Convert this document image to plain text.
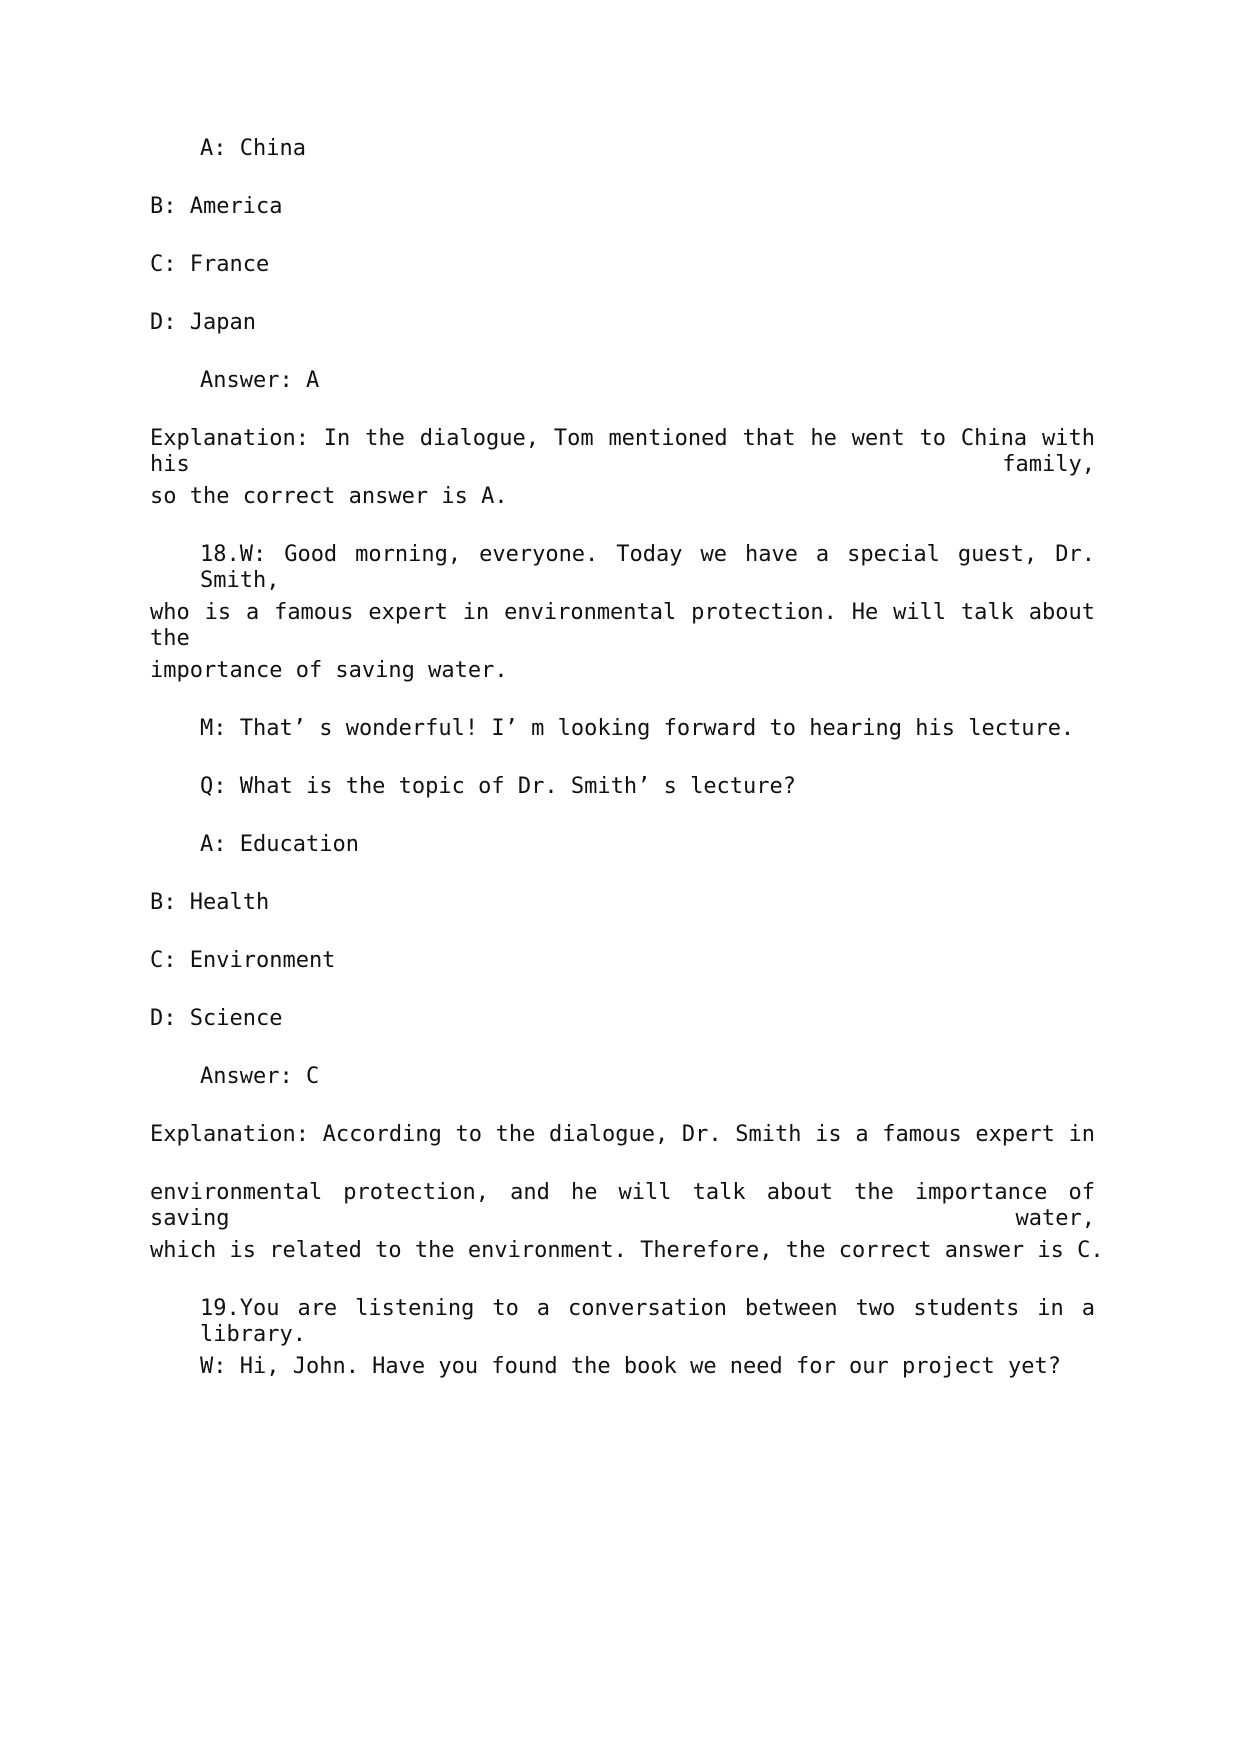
A: China
B: America
C: France
D: Japan
Answer: A
Explanation: In the dialogue, Tom mentioned that he went to China with his family,
so the correct answer is A.
18.W: Good morning, everyone. Today we have a special guest, Dr. Smith,
who is a famous expert in environmental protection. He will talk about the
importance of saving water.
M: That’ s wonderful! I’ m looking forward to hearing his lecture.
Q: What is the topic of Dr. Smith’ s lecture?
A: Education
B: Health
C: Environment
D: Science
Answer: C
Explanation: According to the dialogue, Dr. Smith is a famous expert in
environmental protection, and he will talk about the importance of saving water,
which is related to the environment. Therefore, the correct answer is C.
19.You are listening to a conversation between two students in a library.
W: Hi, John. Have you found the book we need for our project yet?
